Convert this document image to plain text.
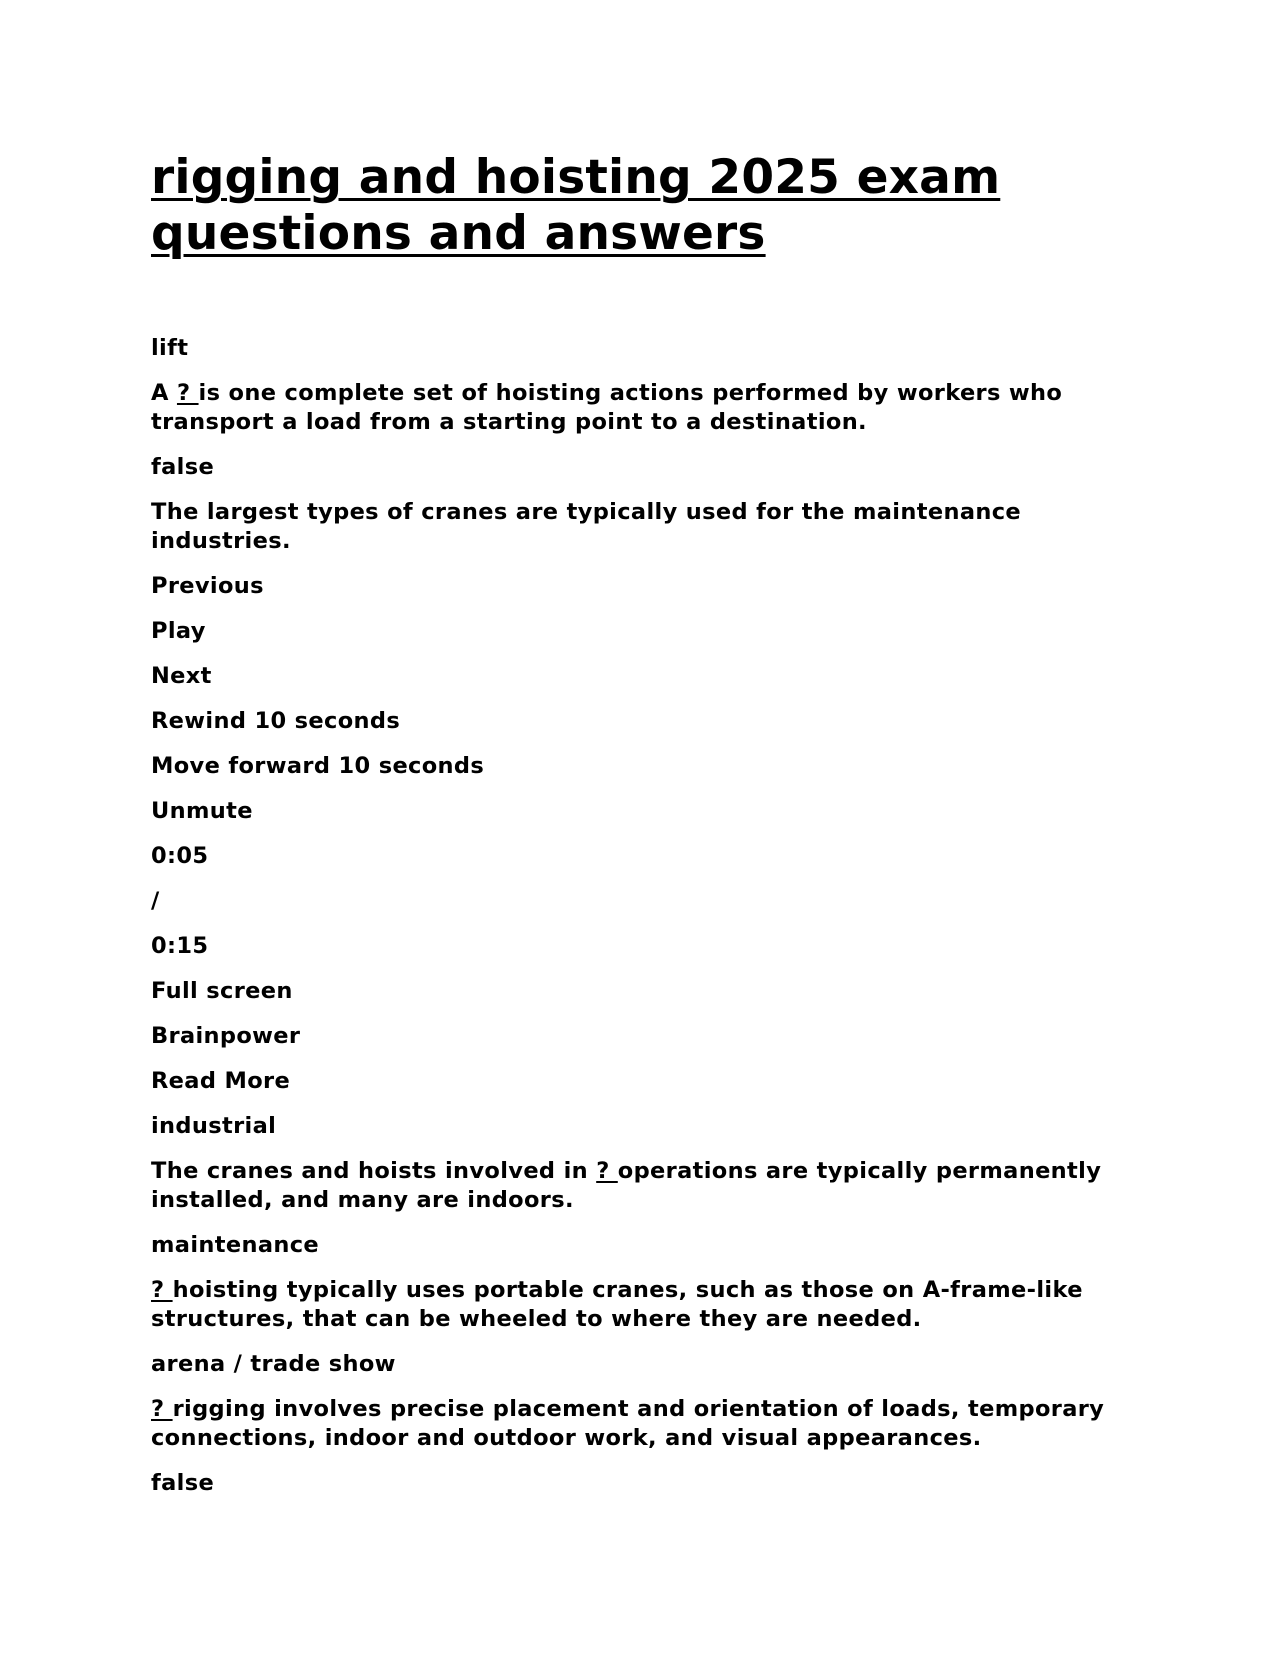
rigging and hoisting 2025 exam questions and answers

lift

A ? is one complete set of hoisting actions performed by workers who transport a load from a starting point to a destination.

false

The largest types of cranes are typically used for the maintenance industries.

Previous

Play

Next

Rewind 10 seconds

Move forward 10 seconds

Unmute

0:05

/

0:15

Full screen

Brainpower

Read More

industrial

The cranes and hoists involved in ? operations are typically permanently installed, and many are indoors.

maintenance

? hoisting typically uses portable cranes, such as those on A-frame-like structures, that can be wheeled to where they are needed.

arena / trade show

? rigging involves precise placement and orientation of loads, temporary connections, indoor and outdoor work, and visual appearances.

false
